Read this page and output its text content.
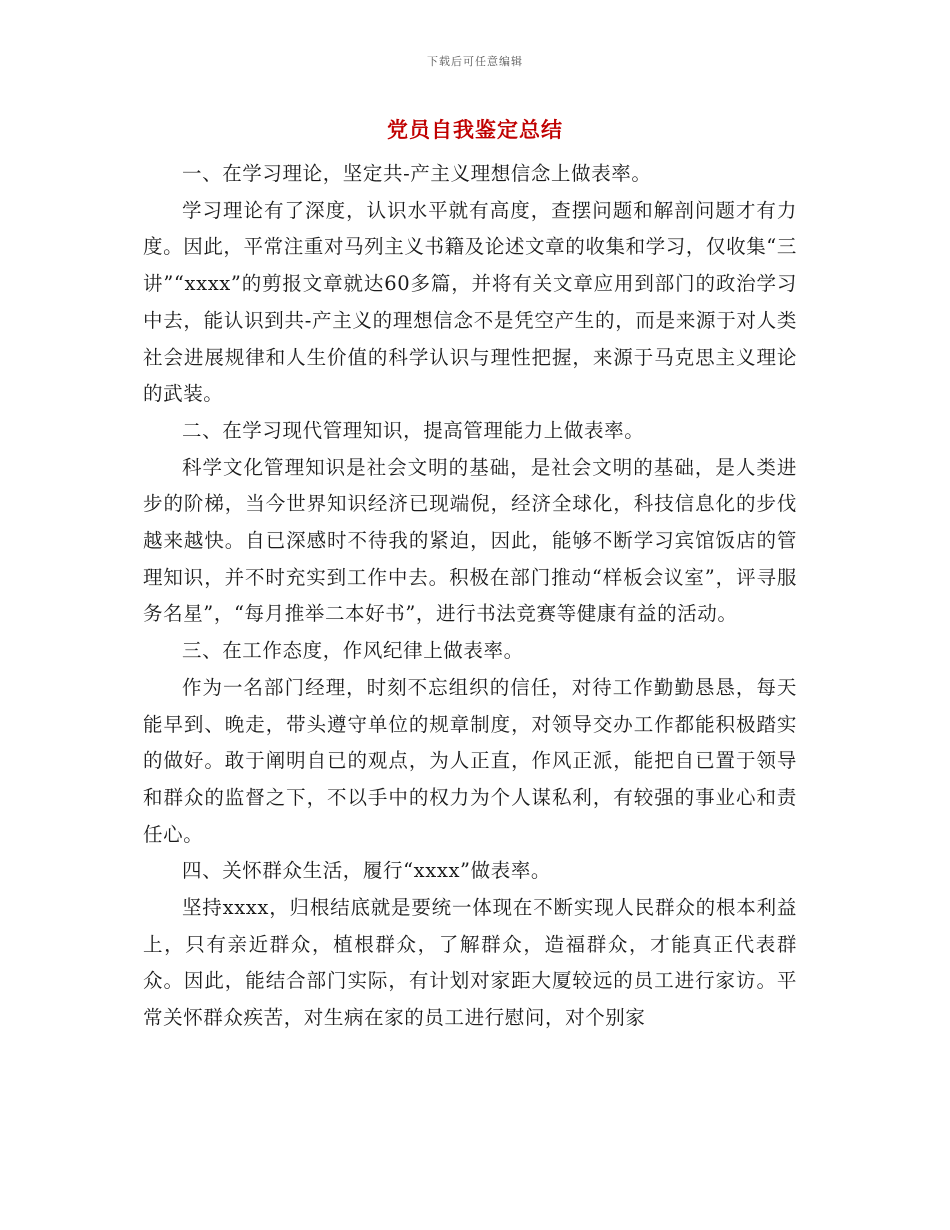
下载后可任意编辑
党员自我鉴定总结

一、在学习理论，坚定共-产主义理想信念上做表率。

学习理论有了深度，认识水平就有高度，查摆问题和解剖问题才有力度。因此，平常注重对马列主义书籍及论述文章的收集和学习，仅收集“三讲”“xxxx”的剪报文章就达60多篇，并将有关文章应用到部门的政治学习中去，能认识到共-产主义的理想信念不是凭空产生的，而是来源于对人类社会进展规律和人生价值的科学认识与理性把握，来源于马克思主义理论的武装。

二、在学习现代管理知识，提高管理能力上做表率。

科学文化管理知识是社会文明的基础，是社会文明的基础，是人类进步的阶梯，当今世界知识经济已现端倪，经济全球化，科技信息化的步伐越来越快。自已深感时不待我的紧迫，因此，能够不断学习宾馆饭店的管理知识，并不时充实到工作中去。积极在部门推动“样板会议室”，评寻服务名星”，“每月推举二本好书”，进行书法竞赛等健康有益的活动。

三、在工作态度，作风纪律上做表率。

作为一名部门经理，时刻不忘组织的信任，对待工作勤勤恳恳，每天能早到、晚走，带头遵守单位的规章制度，对领导交办工作都能积极踏实的做好。敢于阐明自已的观点，为人正直，作风正派，能把自已置于领导和群众的监督之下，不以手中的权力为个人谋私利，有较强的事业心和责任心。

四、关怀群众生活，履行“xxxx”做表率。

坚持xxxx，归根结底就是要统一体现在不断实现人民群众的根本利益上，只有亲近群众，植根群众，了解群众，造福群众，才能真正代表群众。因此，能结合部门实际，有计划对家距大厦较远的员工进行家访。平常关怀群众疾苦，对生病在家的员工进行慰问，对个别家
